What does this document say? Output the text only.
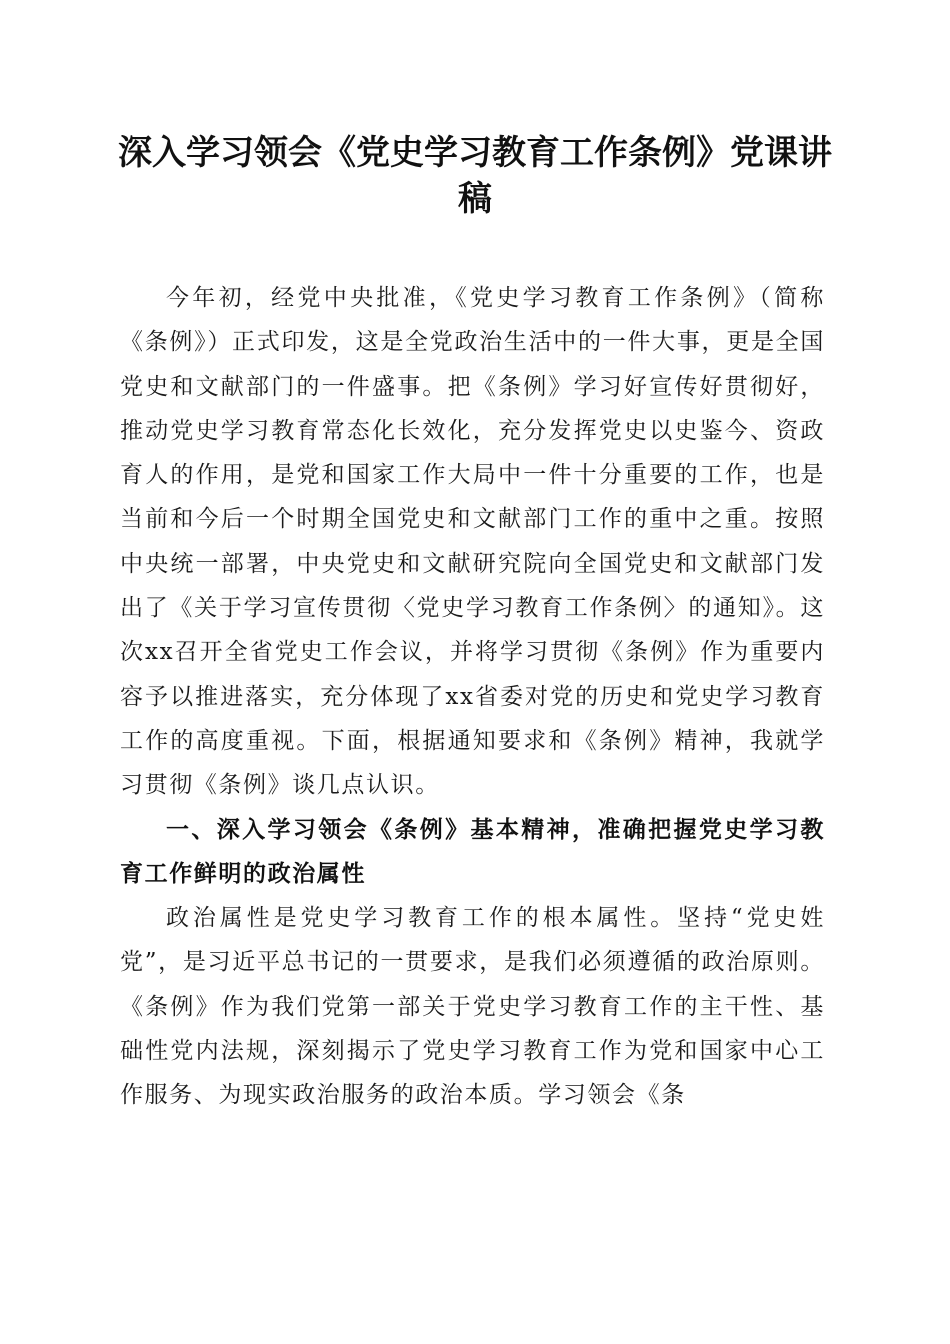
深入学习领会《党史学习教育工作条例》党课讲稿

今年初，经党中央批准，《党史学习教育工作条例》（简称《条例》）正式印发，这是全党政治生活中的一件大事，更是全国党史和文献部门的一件盛事。把《条例》学习好宣传好贯彻好，推动党史学习教育常态化长效化，充分发挥党史以史鉴今、资政育人的作用，是党和国家工作大局中一件十分重要的工作，也是当前和今后一个时期全国党史和文献部门工作的重中之重。按照中央统一部署，中央党史和文献研究院向全国党史和文献部门发出了《关于学习宣传贯彻〈党史学习教育工作条例〉的通知》。这次xx召开全省党史工作会议，并将学习贯彻《条例》作为重要内容予以推进落实，充分体现了xx省委对党的历史和党史学习教育工作的高度重视。下面，根据通知要求和《条例》精神，我就学习贯彻《条例》谈几点认识。

一、深入学习领会《条例》基本精神，准确把握党史学习教育工作鲜明的政治属性

政治属性是党史学习教育工作的根本属性。坚持“党史姓党”，是习近平总书记的一贯要求，是我们必须遵循的政治原则。《条例》作为我们党第一部关于党史学习教育工作的主干性、基础性党内法规，深刻揭示了党史学习教育工作为党和国家中心工作服务、为现实政治服务的政治本质。学习领会《条
